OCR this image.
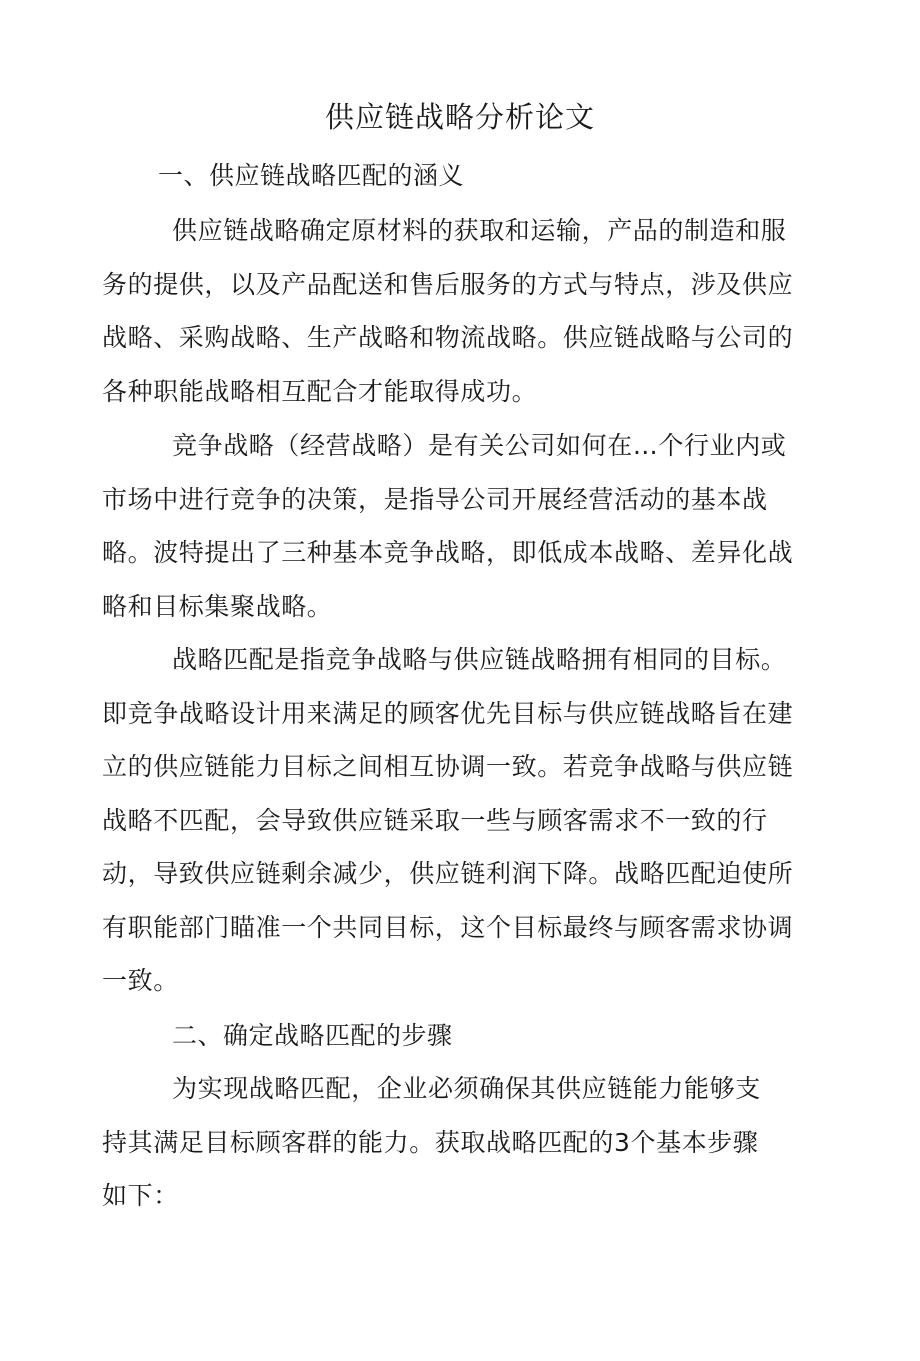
供应链战略分析论文
一、供应链战略匹配的涵义

供应链战略确定原材料的获取和运输，产品的制造和服务的提供，以及产品配送和售后服务的方式与特点，涉及供应战略、采购战略、生产战略和物流战略。供应链战略与公司的各种职能战略相互配合才能取得成功。

竞争战略（经营战略）是有关公司如何在…个行业内或市场中进行竞争的决策，是指导公司开展经营活动的基本战略。波特提出了三种基本竞争战略，即低成本战略、差异化战略和目标集聚战略。

战略匹配是指竞争战略与供应链战略拥有相同的目标。即竞争战略设计用来满足的顾客优先目标与供应链战略旨在建立的供应链能力目标之间相互协调一致。若竞争战略与供应链战略不匹配，会导致供应链采取一些与顾客需求不一致的行动，导致供应链剩余减少，供应链利润下降。战略匹配迫使所有职能部门瞄准一个共同目标，这个目标最终与顾客需求协调一致。

二、确定战略匹配的步骤

为实现战略匹配，企业必须确保其供应链能力能够支持其满足目标顾客群的能力。获取战略匹配的3个基本步骤如下：
